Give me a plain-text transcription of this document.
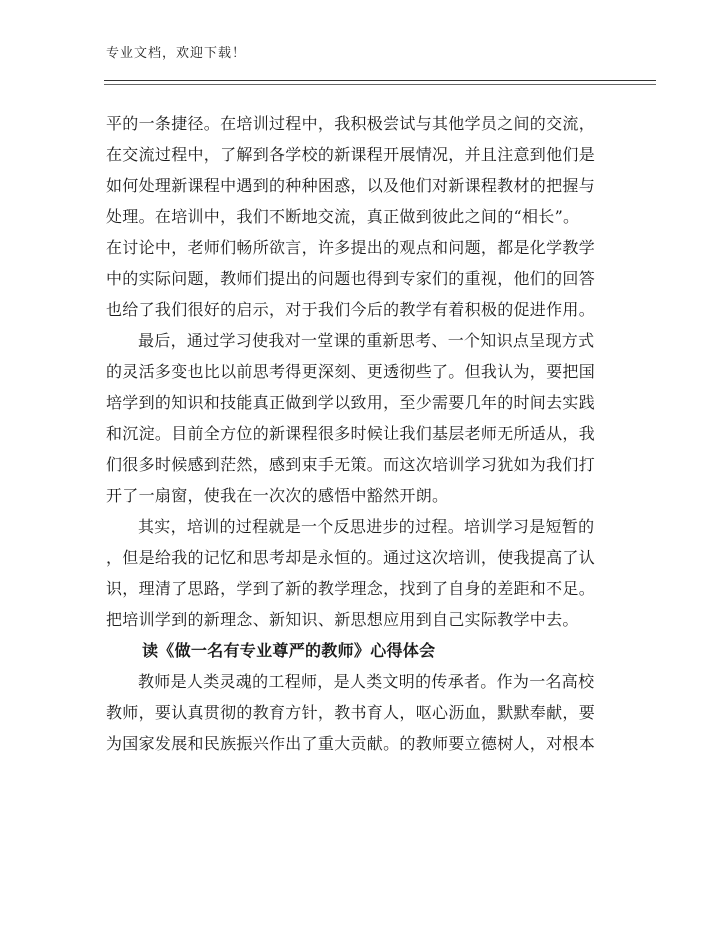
专业文档，欢迎下载！
平的一条捷径。在培训过程中，我积极尝试与其他学员之间的交流，
在交流过程中，了解到各学校的新课程开展情况，并且注意到他们是
如何处理新课程中遇到的种种困惑，以及他们对新课程教材的把握与
处理。在培训中，我们不断地交流，真正做到彼此之间的“相长”。
在讨论中，老师们畅所欲言，许多提出的观点和问题，都是化学教学
中的实际问题，教师们提出的问题也得到专家们的重视，他们的回答
也给了我们很好的启示，对于我们今后的教学有着积极的促进作用。
最后，通过学习使我对一堂课的重新思考、一个知识点呈现方式
的灵活多变也比以前思考得更深刻、更透彻些了。但我认为，要把国
培学到的知识和技能真正做到学以致用，至少需要几年的时间去实践
和沉淀。目前全方位的新课程很多时候让我们基层老师无所适从，我
们很多时候感到茫然，感到束手无策。而这次培训学习犹如为我们打
开了一扇窗，使我在一次次的感悟中豁然开朗。
其实，培训的过程就是一个反思进步的过程。培训学习是短暂的
，但是给我的记忆和思考却是永恒的。通过这次培训，使我提高了认
识，理清了思路，学到了新的教学理念，找到了自身的差距和不足。
把培训学到的新理念、新知识、新思想应用到自己实际教学中去。
读《做一名有专业尊严的教师》心得体会
教师是人类灵魂的工程师，是人类文明的传承者。作为一名高校
教师，要认真贯彻的教育方针，教书育人，呕心沥血，默默奉献，要
为国家发展和民族振兴作出了重大贡献。的教师要立德树人，对根本
